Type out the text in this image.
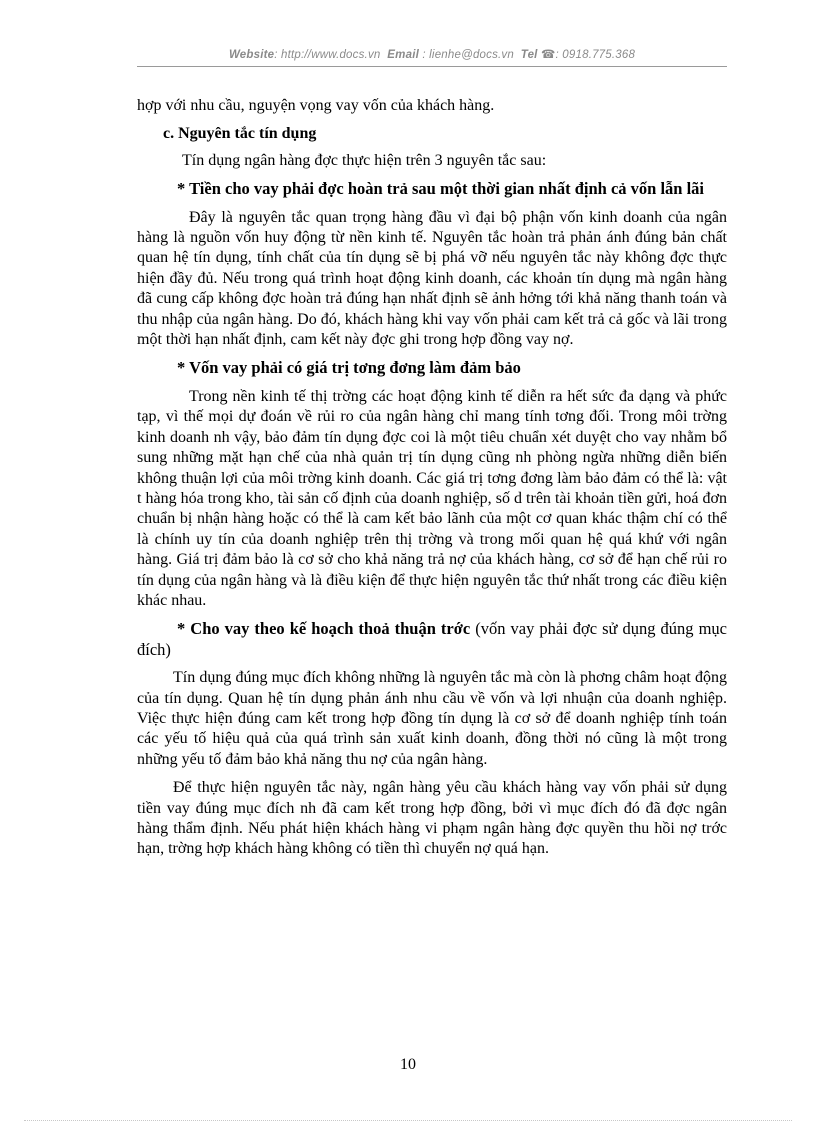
Website: http://www.docs.vn Email : lienhe@docs.vn Tel ☎: 0918.775.368

hợp với nhu cầu, nguyện vọng vay vốn của khách hàng.

c. Nguyên tắc tín dụng

Tín dụng ngân hàng đợc thực hiện trên 3 nguyên tắc sau:

* Tiền cho vay phải đợc hoàn trả sau một thời gian nhất định cả vốn lẫn lãi

Đây là nguyên tắc quan trọng hàng đầu vì đại bộ phận vốn kinh doanh của ngân hàng là nguồn vốn huy động từ nền kinh tế. Nguyên tắc hoàn trả phản ánh đúng bản chất quan hệ tín dụng, tính chất của tín dụng sẽ bị phá vỡ nếu nguyên tắc này không đợc thực hiện đầy đủ. Nếu trong quá trình hoạt động kinh doanh, các khoản tín dụng mà ngân hàng đã cung cấp không đợc hoàn trả đúng hạn nhất định sẽ ảnh hởng tới khả năng thanh toán và thu nhập của ngân hàng. Do đó, khách hàng khi vay vốn phải cam kết trả cả gốc và lãi trong một thời hạn nhất định, cam kết này đợc ghi trong hợp đồng vay nợ.

* Vốn vay phải có giá trị tơng đơng làm đảm bảo

Trong nền kinh tế thị trờng các hoạt động kinh tế diễn ra hết sức đa dạng và phức tạp, vì thế mọi dự đoán về rủi ro của ngân hàng chỉ mang tính tơng đối. Trong môi trờng kinh doanh nh vậy, bảo đảm tín dụng đợc coi là một tiêu chuẩn xét duyệt cho vay nhằm bổ sung những mặt hạn chế của nhà quản trị tín dụng cũng nh phòng ngừa những diễn biến không thuận lợi của môi trờng kinh doanh. Các giá trị tơng đơng làm bảo đảm có thể là: vật t hàng hóa trong kho, tài sản cố định của doanh nghiệp, số d trên tài khoản tiền gửi, hoá đơn chuẩn bị nhận hàng hoặc có thể là cam kết bảo lãnh của một cơ quan khác thậm chí có thể là chính uy tín của doanh nghiệp trên thị trờng và trong mối quan hệ quá khứ với ngân hàng. Giá trị đảm bảo là cơ sở cho khả năng trả nợ của khách hàng, cơ sở để hạn chế rủi ro tín dụng của ngân hàng và là điều kiện để thực hiện nguyên tắc thứ nhất trong các điều kiện khác nhau.

* Cho vay theo kế hoạch thoả thuận trớc (vốn vay phải đợc sử dụng đúng mục đích)

Tín dụng đúng mục đích không những là nguyên tắc mà còn là phơng châm hoạt động của tín dụng. Quan hệ tín dụng phản ánh nhu cầu về vốn và lợi nhuận của doanh nghiệp. Việc thực hiện đúng cam kết trong hợp đồng tín dụng là cơ sở để doanh nghiệp tính toán các yếu tố hiệu quả của quá trình sản xuất kinh doanh, đồng thời nó cũng là một trong những yếu tố đảm bảo khả năng thu nợ của ngân hàng.

Để thực hiện nguyên tắc này, ngân hàng yêu cầu khách hàng vay vốn phải sử dụng tiền vay đúng mục đích nh đã cam kết trong hợp đồng, bởi vì mục đích đó đã đợc ngân hàng thẩm định. Nếu phát hiện khách hàng vi phạm ngân hàng đợc quyền thu hồi nợ trớc hạn, trờng hợp khách hàng không có tiền thì chuyển nợ quá hạn.

10
